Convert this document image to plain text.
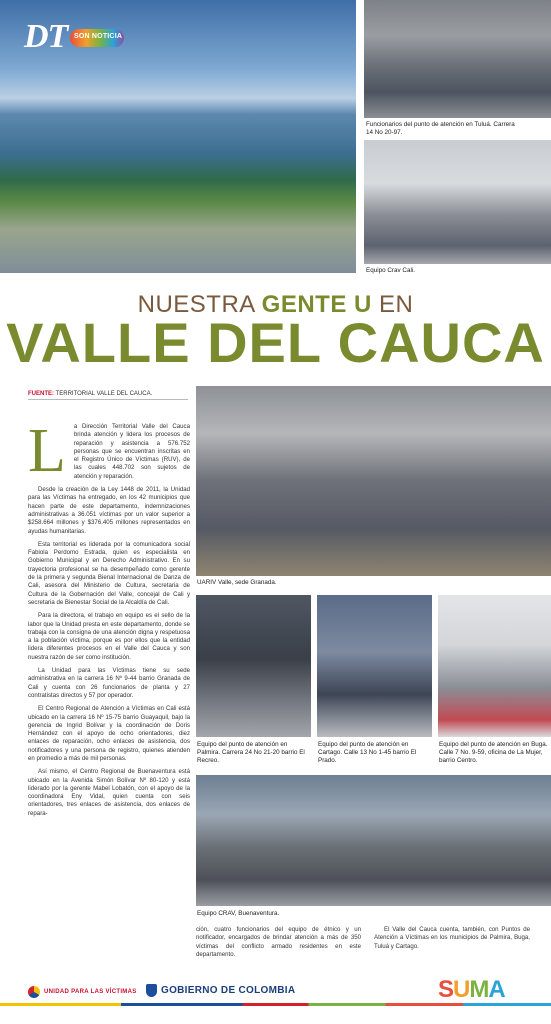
DT SON NOTICIA
Funcionarios del punto de atención en Tuluá. Carrera 14 No 20-97.
Equipo Crav Cali.
NUESTRA GENTE U EN
VALLE DEL CAUCA
FUENTE: TERRITORIAL VALLE DEL CAUCA.

L a Dirección Territorial Valle del Cauca brinda atención y lidera los procesos de reparación y asistencia a 576.752 personas que se encuentran inscritas en el Registro Único de Víctimas (RUV), de las cuales 448.702 son sujetos de atención y reparación.

Desde la creación de la Ley 1448 de 2011, la Unidad para las Víctimas ha entregado, en los 42 municipios que hacen parte de este departamento, indemnizaciones administrativas a 36.051 víctimas por un valor superior a $258.664 millones y $376.405 millones representados en ayudas humanitarias.

Esta territorial es liderada por la comunicadora social Fabiola Perdomo Estrada, quien es especialista en Gobierno Municipal y en Derecho Administrativo. En su trayectoria profesional se ha desempeñado como gerente de la primera y segunda Bienal Internacional de Danza de Cali, asesora del Ministerio de Cultura, secretaria de Cultura de la Gobernación del Valle, concejal de Cali y secretaria de Bienestar Social de la Alcaldía de Cali.

Para la directora, el trabajo en equipo es el sello de la labor que la Unidad presta en este departamento, donde se trabaja con la consigna de una atención digna y respetuosa a la población víctima, porque es por ellos que la entidad lidera diferentes procesos en el Valle del Cauca y son nuestra razón de ser como institución.

La Unidad para las Víctimas tiene su sede administrativa en la carrera 16 Nº 9-44 barrio Granada de Cali y cuenta con 26 funcionarios de planta y 27 contratistas directos y 57 por operador.

El Centro Regional de Atención a Víctimas en Cali está ubicado en la carrera 16 Nº 15-75 barrio Guayaquil, bajo la gerencia de Ingrid Bolívar y la coordinación de Doris Hernández con el apoyo de ocho orientadores, diez enlaces de reparación, ocho enlaces de asistencia, dos notificadores y una persona de registro, quienes atienden en promedio a más de mil personas.

Así mismo, el Centro Regional de Buenaventura está ubicado en la Avenida Simón Bolívar Nº 80-120 y está liderado por la gerente Mabel Lobatón, con el apoyo de la coordinadora Eny Vidal, quien cuenta con seis orientadores, tres enlaces de asistencia, dos enlaces de repara-

UARIV Valle, sede Granada.
Equipo del punto de atención en Palmira. Carrera 24 No 21-20 barrio El Recreo.
Equipo del punto de atención en Cartago. Calle 13 No 1-45 barrio El Prado.
Equipo del punto de atención en Buga. Calle 7 No. 9-59, oficina de La Mujer, barrio Centro.
Equipo CRAV, Buenaventura.

ción, cuatro funcionarios del equipo de étnico y un notificador, encargados de brindar atención a más de 350 víctimas del conflicto armado residentes en este departamento.

El Valle del Cauca cuenta, también, con Puntos de Atención a Víctimas en los municipios de Palmira, Buga, Tuluá y Cartago.

UNIDAD PARA LAS VÍCTIMAS GOBIERNO DE COLOMBIA	SUMA
